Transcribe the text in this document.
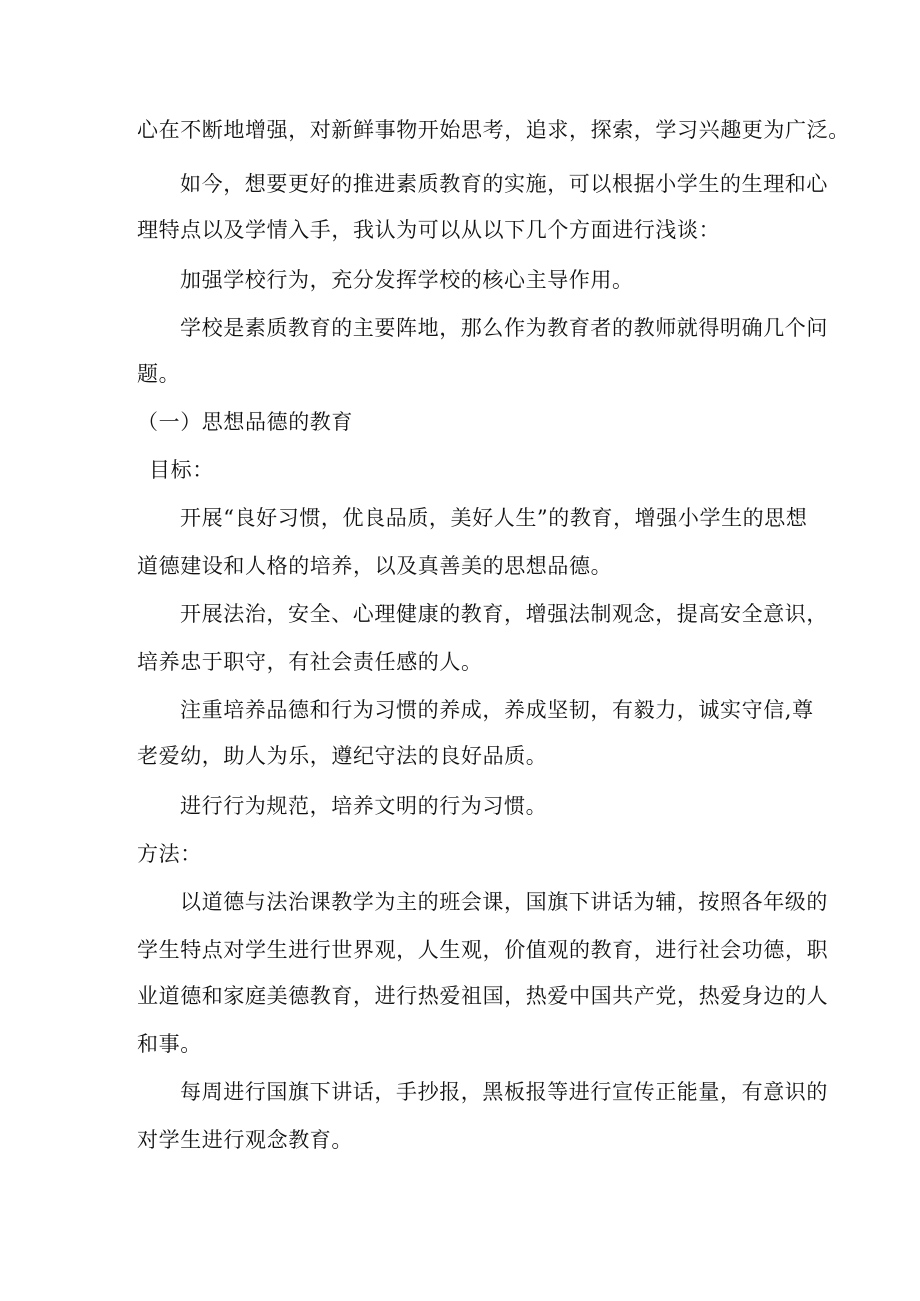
心在不断地增强，对新鲜事物开始思考，追求，探索，学习兴趣更为广泛。
如今，想要更好的推进素质教育的实施，可以根据小学生的生理和心
理特点以及学情入手，我认为可以从以下几个方面进行浅谈：
加强学校行为，充分发挥学校的核心主导作用。
学校是素质教育的主要阵地，那么作为教育者的教师就得明确几个问
题。
（一）思想品德的教育
目标：
开展“良好习惯，优良品质，美好人生”的教育，增强小学生的思想
道德建设和人格的培养，以及真善美的思想品德。
开展法治，安全、心理健康的教育，增强法制观念，提高安全意识，
培养忠于职守，有社会责任感的人。
注重培养品德和行为习惯的养成，养成坚韧，有毅力，诚实守信,尊
老爱幼，助人为乐，遵纪守法的良好品质。
进行行为规范，培养文明的行为习惯。
方法：
以道德与法治课教学为主的班会课，国旗下讲话为辅，按照各年级的
学生特点对学生进行世界观，人生观，价值观的教育，进行社会功德，职
业道德和家庭美德教育，进行热爱祖国，热爱中国共产党，热爱身边的人
和事。
每周进行国旗下讲话，手抄报，黑板报等进行宣传正能量，有意识的
对学生进行观念教育。
